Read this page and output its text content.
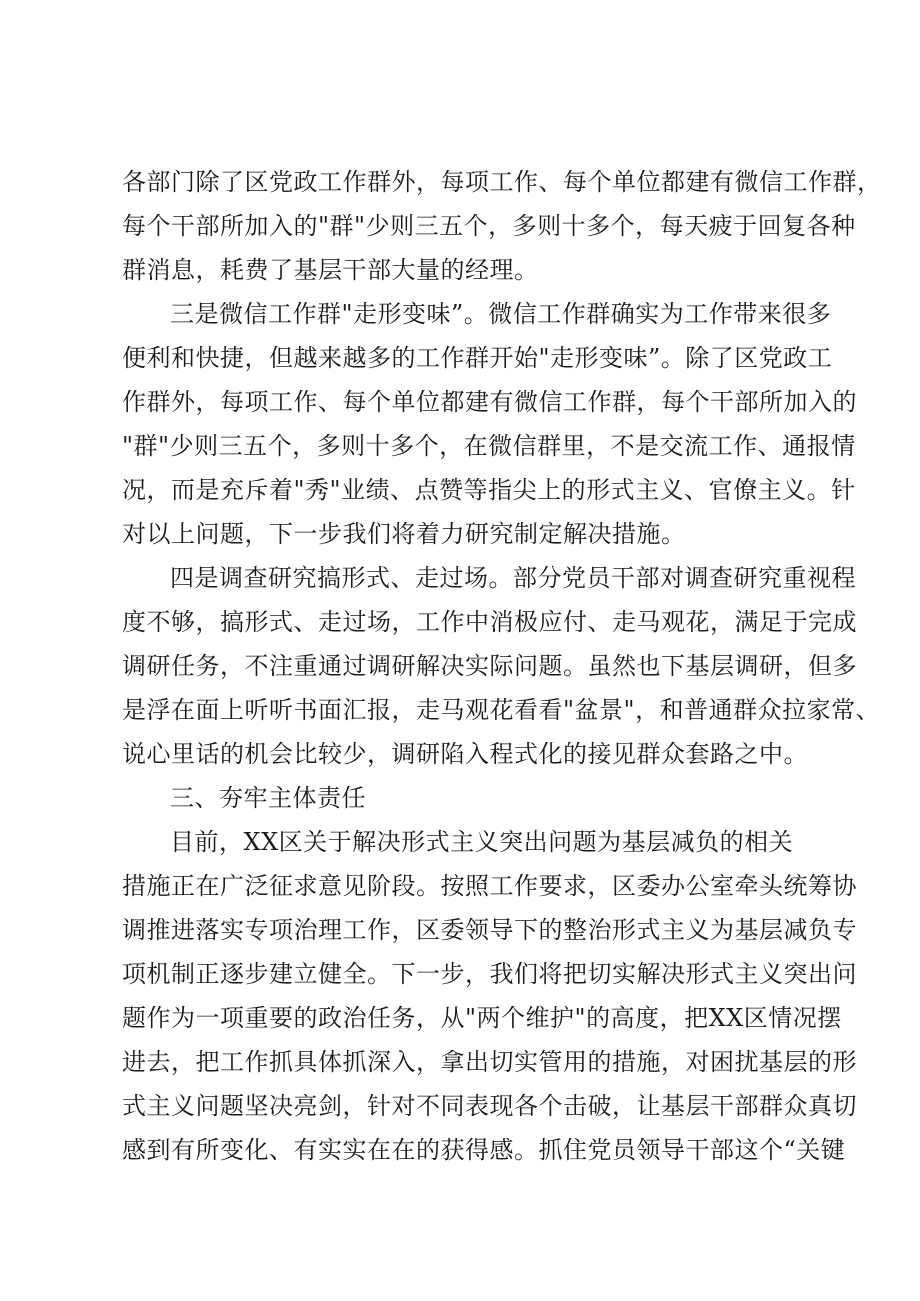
各部门除了区党政工作群外，每项工作、每个单位都建有微信工作群，
每个干部所加入的"群"少则三五个，多则十多个，每天疲于回复各种
群消息，耗费了基层干部大量的经理。
三是微信工作群"走形变味”。微信工作群确实为工作带来很多
便利和快捷，但越来越多的工作群开始"走形变味”。除了区党政工
作群外，每项工作、每个单位都建有微信工作群，每个干部所加入的
"群"少则三五个，多则十多个，在微信群里，不是交流工作、通报情
况，而是充斥着"秀"业绩、点赞等指尖上的形式主义、官僚主义。针
对以上问题，下一步我们将着力研究制定解决措施。
四是调查研究搞形式、走过场。部分党员干部对调查研究重视程
度不够，搞形式、走过场，工作中消极应付、走马观花，满足于完成
调研任务，不注重通过调研解决实际问题。虽然也下基层调研，但多
是浮在面上听听书面汇报，走马观花看看"盆景"，和普通群众拉家常、
说心里话的机会比较少，调研陷入程式化的接见群众套路之中。
三、夯牢主体责任
目前，XX区关于解决形式主义突出问题为基层减负的相关
措施正在广泛征求意见阶段。按照工作要求，区委办公室牵头统筹协
调推进落实专项治理工作，区委领导下的整治形式主义为基层减负专
项机制正逐步建立健全。下一步，我们将把切实解决形式主义突出问
题作为一项重要的政治任务，从"两个维护"的高度，把XX区情况摆
进去，把工作抓具体抓深入，拿出切实管用的措施，对困扰基层的形
式主义问题坚决亮剑，针对不同表现各个击破，让基层干部群众真切
感到有所变化、有实实在在的获得感。抓住党员领导干部这个“关键
